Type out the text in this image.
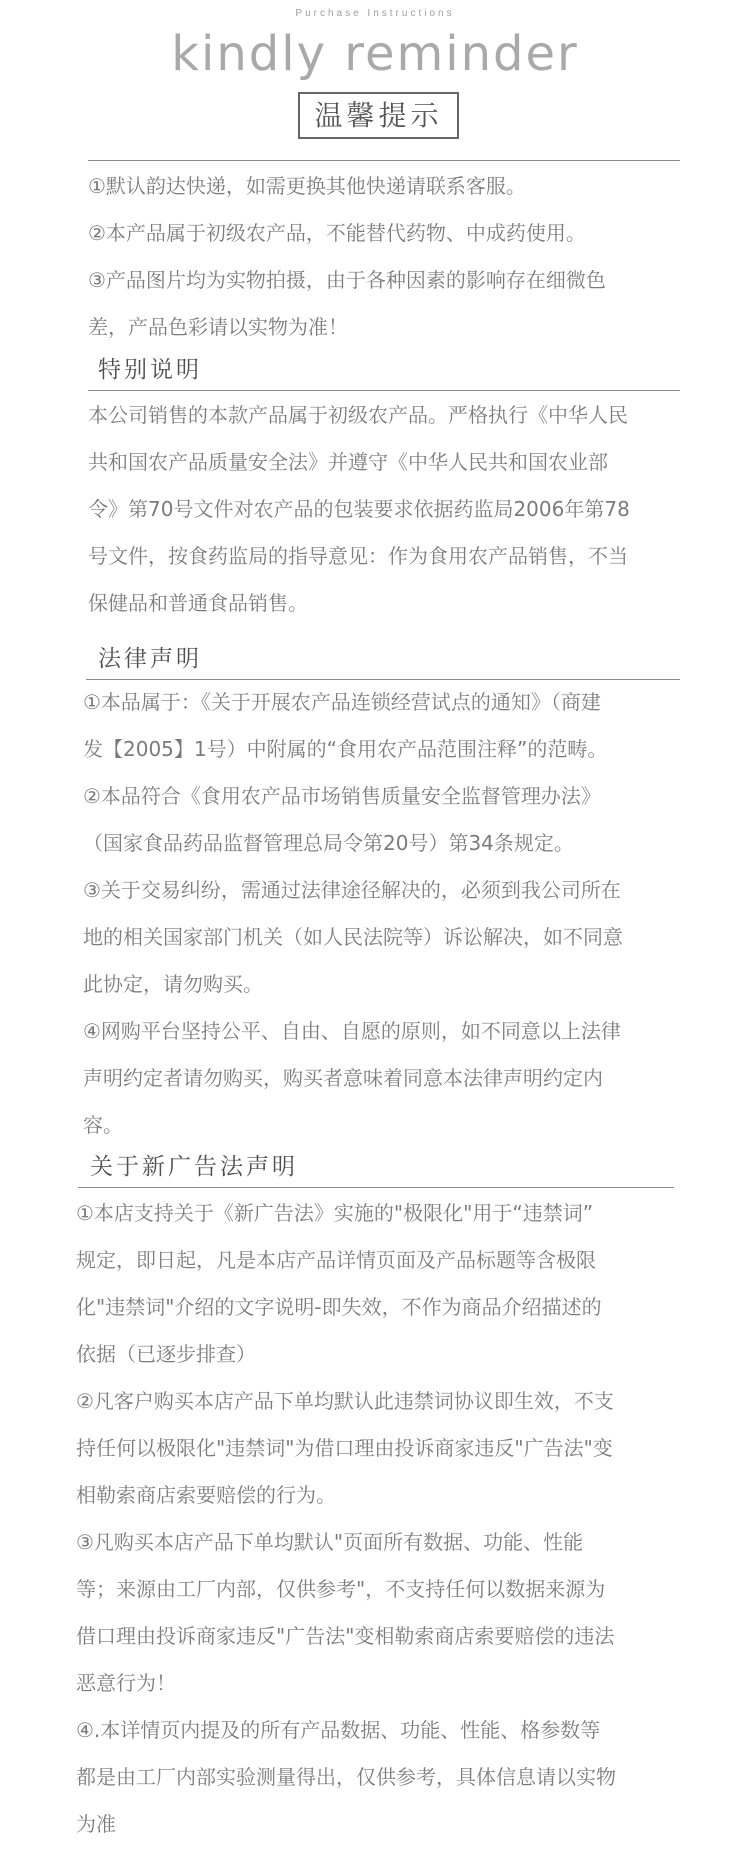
Purchase Instructions
kindly reminder
温馨提示
①默认韵达快递，如需更换其他快递请联系客服。
②本产品属于初级农产品，不能替代药物、中成药使用。
③产品图片均为实物拍摄，由于各种因素的影响存在细微色
差，产品色彩请以实物为准！
特别说明
本公司销售的本款产品属于初级农产品。严格执行《中华人民
共和国农产品质量安全法》并遵守《中华人民共和国农业部
令》第70号文件对农产品的包装要求依据药监局2006年第78
号文件，按食药监局的指导意见：作为食用农产品销售，不当
保健品和普通食品销售。
法律声明
①本品属于：《关于开展农产品连锁经营试点的通知》（商建
发【2005】1号）中附属的“食用农产品范围注释”的范畴。
②本品符合《食用农产品市场销售质量安全监督管理办法》
（国家食品药品监督管理总局令第20号）第34条规定。
③关于交易纠纷，需通过法律途径解决的，必须到我公司所在
地的相关国家部门机关（如人民法院等）诉讼解决，如不同意
此协定，请勿购买。
④网购平台坚持公平、自由、自愿的原则，如不同意以上法律
声明约定者请勿购买，购买者意味着同意本法律声明约定内
容。
关于新广告法声明
①本店支持关于《新广告法》实施的"极限化"用于“违禁词”
规定，即日起，凡是本店产品详情页面及产品标题等含极限
化"违禁词"介绍的文字说明-即失效，不作为商品介绍描述的
依据（已逐步排查）
②凡客户购买本店产品下单均默认此违禁词协议即生效，不支
持任何以极限化"违禁词"为借口理由投诉商家违反"广告法"变
相勒索商店索要赔偿的行为。
③凡购买本店产品下单均默认"页面所有数据、功能、性能
等；来源由工厂内部，仅供参考"，不支持任何以数据来源为
借口理由投诉商家违反"广告法"变相勒索商店索要赔偿的违法
恶意行为！
④.本详情页内提及的所有产品数据、功能、性能、格参数等
都是由工厂内部实验测量得出，仅供参考，具体信息请以实物
为准
